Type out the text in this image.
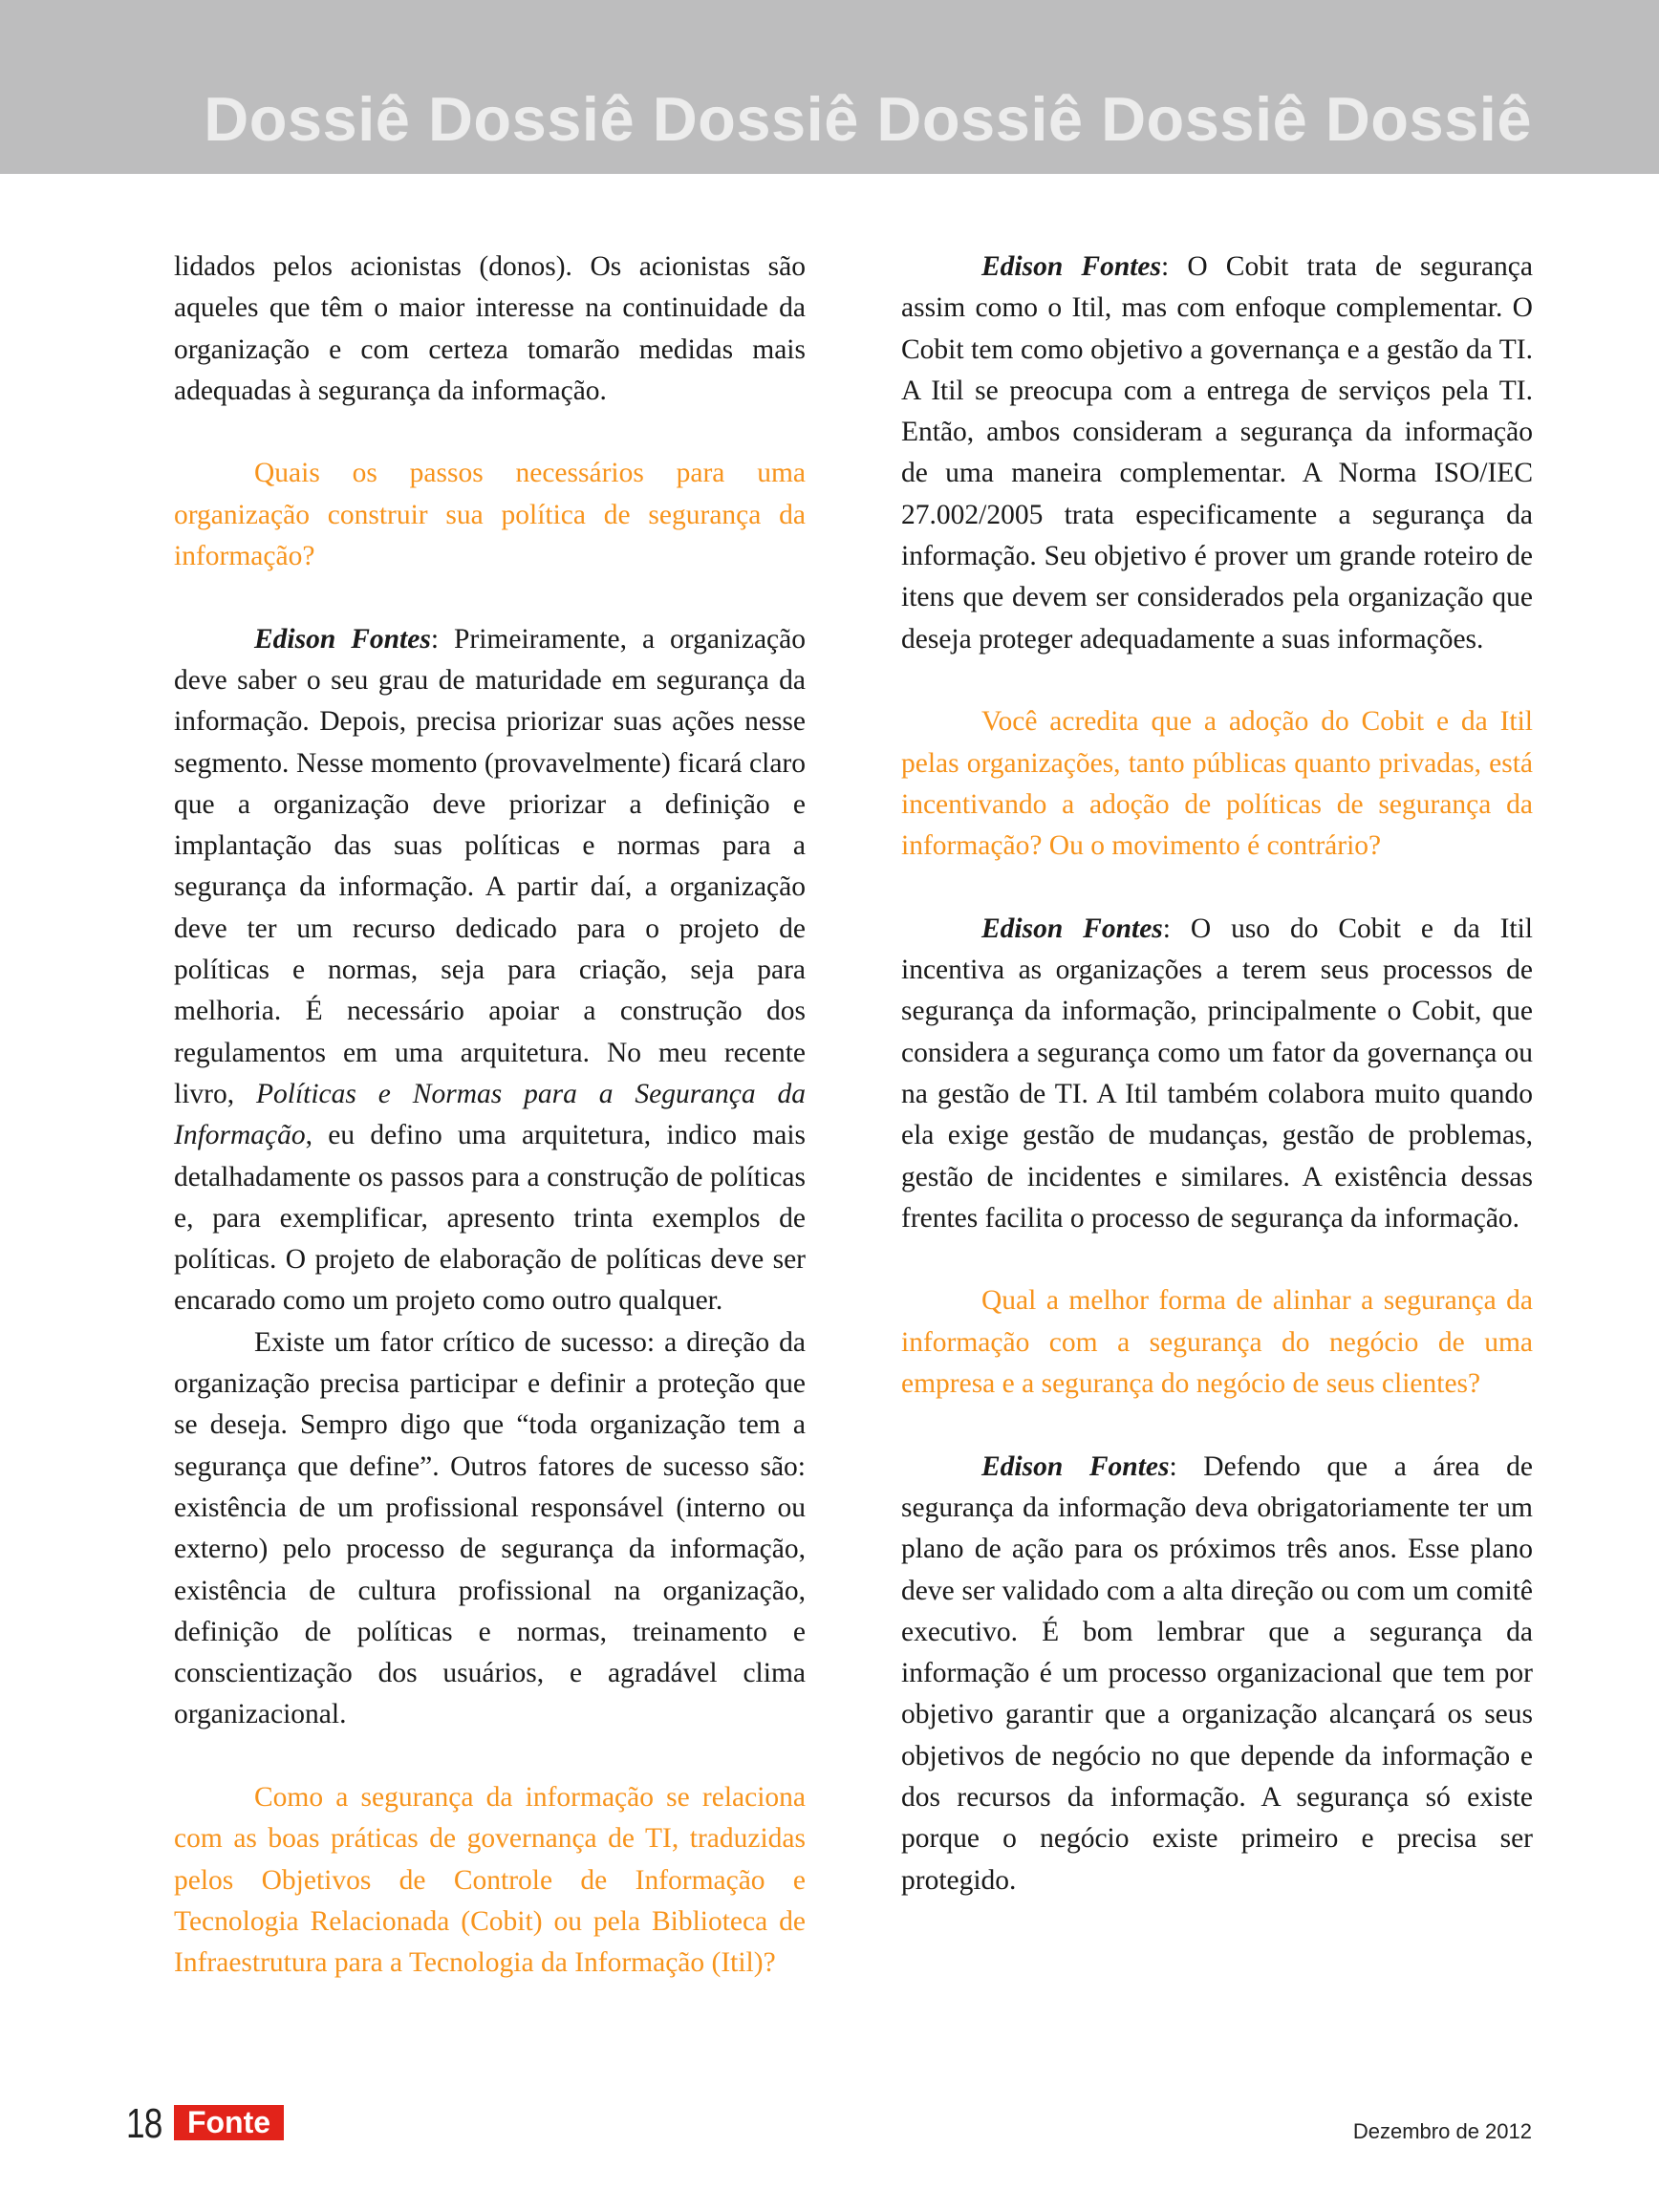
Dossiê Dossiê Dossiê Dossiê Dossiê Dossiê

lidados pelos acionistas (donos). Os acionistas são aqueles que têm o maior interesse na continuidade da organização e com certeza tomarão medidas mais adequadas à segurança da informação.

Quais os passos necessários para uma organização construir sua política de segurança da informação?

Edison Fontes: Primeiramente, a organização deve saber o seu grau de maturidade em segurança da informação. Depois, precisa priorizar suas ações nesse segmento. Nesse momento (provavelmente) ficará claro que a organização deve priorizar a definição e implantação das suas políticas e normas para a segurança da informação. A partir daí, a organização deve ter um recurso dedicado para o projeto de políticas e normas, seja para criação, seja para melhoria. É necessário apoiar a construção dos regulamentos em uma arquitetura. No meu recente livro, Políticas e Normas para a Segurança da Informação, eu defino uma arquitetura, indico mais detalhadamente os passos para a construção de políticas e, para exemplificar, apresento trinta exemplos de políticas. O projeto de elaboração de políticas deve ser encarado como um projeto como outro qualquer.

Existe um fator crítico de sucesso: a direção da organização precisa participar e definir a proteção que se deseja. Sempro digo que “toda organização tem a segurança que define”. Outros fatores de sucesso são: existência de um profissional responsável (interno ou externo) pelo processo de segurança da informação, existência de cultura profissional na organização, definição de políticas e normas, treinamento e conscientização dos usuários, e agradável clima organizacional.

Como a segurança da informação se relaciona com as boas práticas de governança de TI, traduzidas pelos Objetivos de Controle de Informação e Tecnologia Relacionada (Cobit) ou pela Biblioteca de Infraestrutura para a Tecnologia da Informação (Itil)?

Edison Fontes: O Cobit trata de segurança assim como o Itil, mas com enfoque complementar. O Cobit tem como objetivo a governança e a gestão da TI. A Itil se preocupa com a entrega de serviços pela TI. Então, ambos consideram a segurança da informação de uma maneira complementar. A Norma ISO/IEC 27.002/2005 trata especificamente a segurança da informação. Seu objetivo é prover um grande roteiro de itens que devem ser considerados pela organização que deseja proteger adequadamente a suas informações.

Você acredita que a adoção do Cobit e da Itil pelas organizações, tanto públicas quanto privadas, está incentivando a adoção de políticas de segurança da informação? Ou o movimento é contrário?

Edison Fontes: O uso do Cobit e da Itil incentiva as organizações a terem seus processos de segurança da informação, principalmente o Cobit, que considera a segurança como um fator da governança ou na gestão de TI. A Itil também colabora muito quando ela exige gestão de mudanças, gestão de problemas, gestão de incidentes e similares. A existência dessas frentes facilita o processo de segurança da informação.

Qual a melhor forma de alinhar a segurança da informação com a segurança do negócio de uma empresa e a segurança do negócio de seus clientes?

Edison Fontes: Defendo que a área de segurança da informação deva obrigatoriamente ter um plano de ação para os próximos três anos. Esse plano deve ser validado com a alta direção ou com um comitê executivo. É bom lembrar que a segurança da informação é um processo organizacional que tem por objetivo garantir que a organização alcançará os seus objetivos de negócio no que depende da informação e dos recursos da informação. A segurança só existe porque o negócio existe primeiro e precisa ser protegido.

18 Fonte	Dezembro de 2012
